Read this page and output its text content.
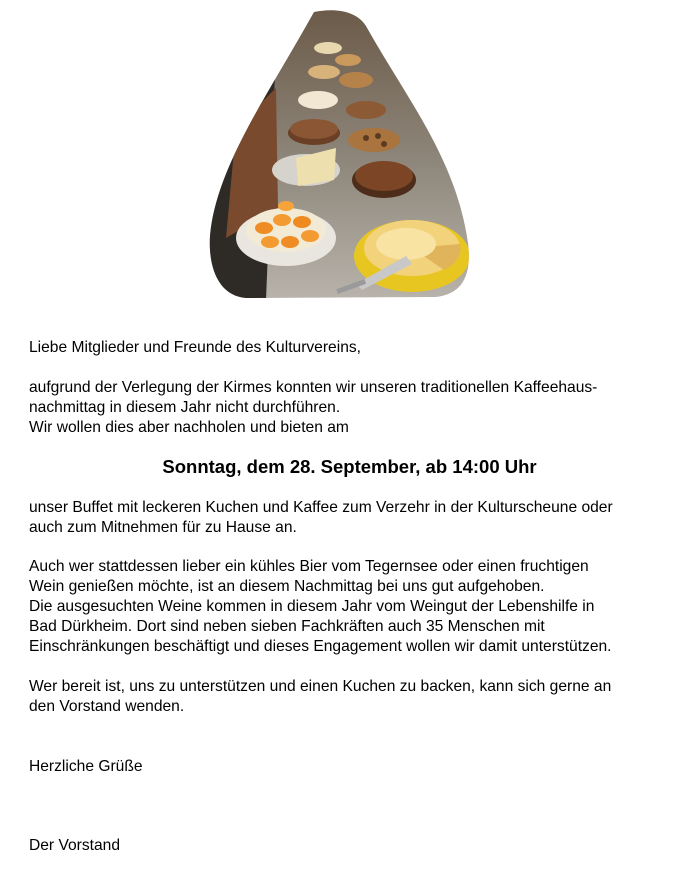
Liebe Mitglieder und Freunde des Kulturvereins,

aufgrund der Verlegung der Kirmes konnten wir unseren traditionellen Kaffeehaus-

nachmittag in diesem Jahr nicht durchführen.

Wir wollen dies aber nachholen und bieten am

Sonntag, dem 28. September, ab 14:00 Uhr

unser Buffet mit leckeren Kuchen und Kaffee zum Verzehr in der Kulturscheune oder

auch zum Mitnehmen für zu Hause an.

Auch wer stattdessen lieber ein kühles Bier vom Tegernsee oder einen fruchtigen

Wein genießen möchte, ist an diesem Nachmittag bei uns gut aufgehoben.

Die ausgesuchten Weine kommen in diesem Jahr vom Weingut der Lebenshilfe in

Bad Dürkheim. Dort sind neben sieben Fachkräften auch 35 Menschen mit

Einschränkungen beschäftigt und dieses Engagement wollen wir damit unterstützen.

Wer bereit ist, uns zu unterstützen und einen Kuchen zu backen, kann sich gerne an

den Vorstand wenden.

Herzliche Grüße

Der Vorstand
